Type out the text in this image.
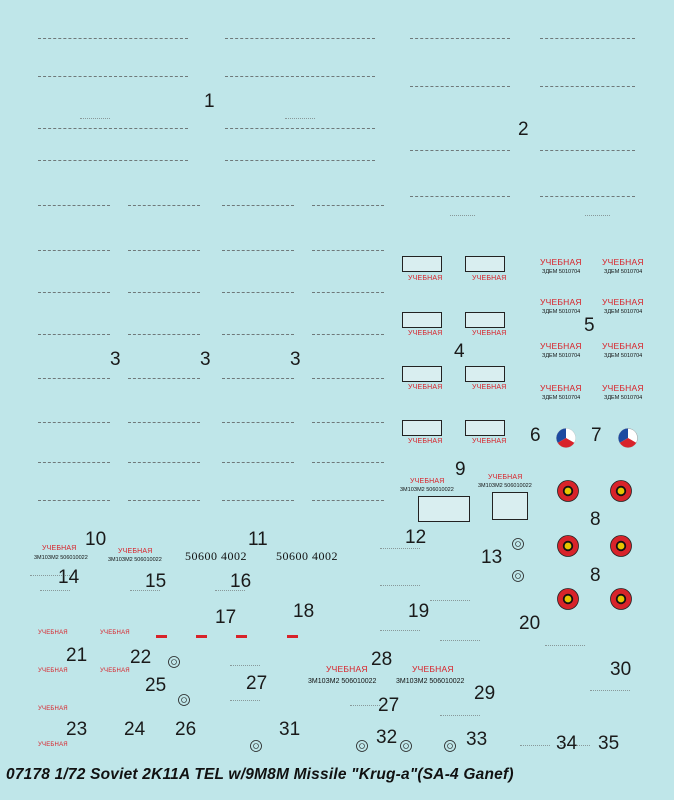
УЧЕБНАЯ	УЧЕБНАЯ
УЧЕБНАЯ	УЧЕБНАЯ
УЧЕБНАЯ	УЧЕБНАЯ
УЧЕБНАЯ	УЧЕБНАЯ
УЧЕБНАЯ УЧЕБНАЯ
ЗДЕМ 5010704	ЗДЕМ 5010704
УЧЕБНАЯ УЧЕБНАЯ
ЗДЕМ 5010704	ЗДЕМ 5010704
УЧЕБНАЯ УЧЕБНАЯ
ЗДЕМ 5010704	ЗДЕМ 5010704
УЧЕБНАЯ УЧЕБНАЯ
ЗДЕМ 5010704	ЗДЕМ 5010704
УЧЕБНАЯ
УЧЕБНАЯ
3М10ЗМ2 506010022
3М10ЗМ2 506010022
УЧЕБНАЯ	УЧЕБНАЯ
3М10ЗМ2 506010022	3М10ЗМ2 506010022 50600 4002 50600 4002
УЧЕБНАЯ	УЧЕБНАЯ
УЧЕБНАЯ	УЧЕБНАЯ
УЧЕБНАЯ
УЧЕБНАЯ
УЧЕБНАЯ	УЧЕБНАЯ
3М10ЗМ2 506010022	3М10ЗМ2 506010022
1
2
3	3	3	4
5
6	7
8
8
9
10	11	12
13
14	15	16
17	18	19
20
21 22
23 24
25
26
27
27
28
29
30
31	32	33	34 35
07178 1/72 Soviet 2K11A TEL w/9M8M Missile "Krug-a"(SA-4 Ganef)
